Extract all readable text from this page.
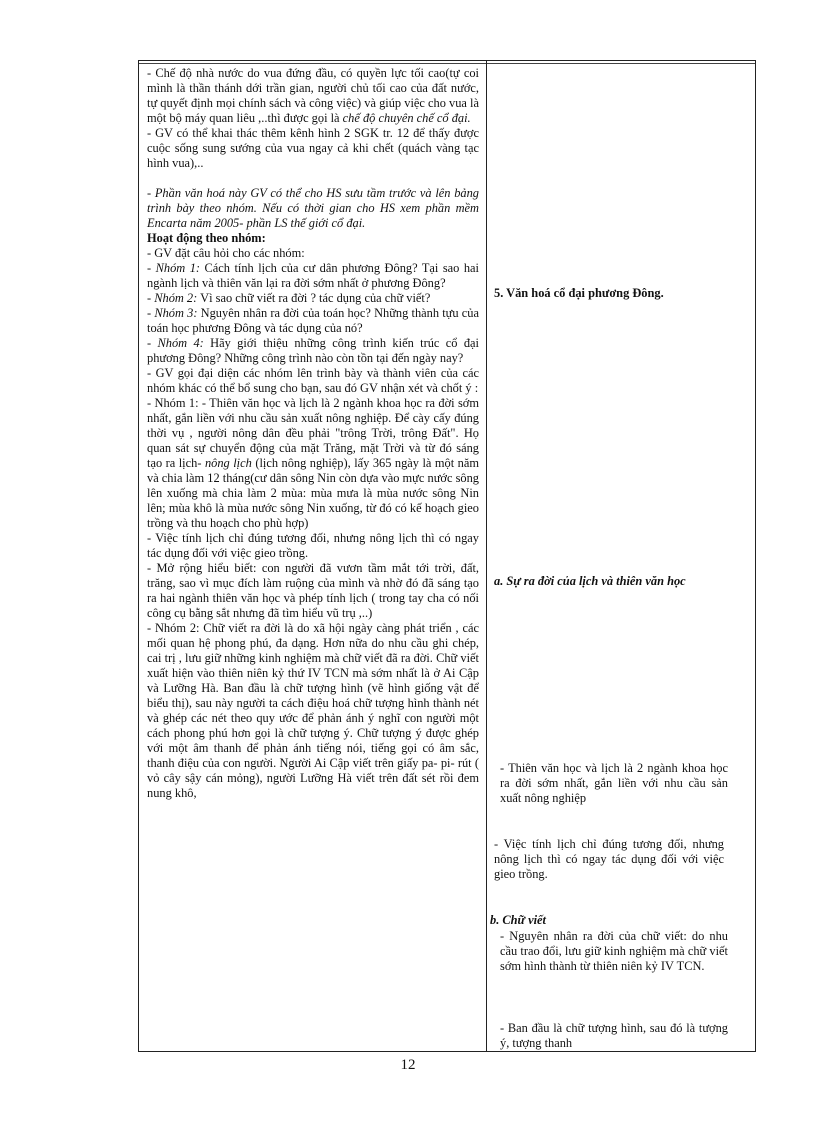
- Chế độ nhà nước do vua đứng đầu, có quyền lực tối cao(tự coi mình là thần thánh dới trần gian, người chủ tối cao của đất nước, tự quyết định mọi chính sách và công việc) và giúp việc cho vua là một bộ máy quan liêu ,..thì được gọi là chế độ chuyên chế cổ đại.

- GV có thể khai thác thêm kênh hình 2 SGK tr. 12 để thấy được cuộc sống sung sướng của vua ngay cả khi chết (quách vàng tạc hình vua),..

- Phần văn hoá này GV có thể cho HS sưu tầm trước và lên bảng trình bày theo nhóm. Nếu có thời gian cho HS xem phần mềm Encarta năm 2005- phần LS thế giới cổ đại.

Hoạt động theo nhóm:

- GV đặt câu hỏi cho các nhóm:

- Nhóm 1: Cách tính lịch của cư dân phương Đông? Tại sao hai ngành lịch và thiên văn lại ra đời sớm nhất ở phương Đông?

- Nhóm 2: Vì sao chữ viết ra đời ? tác dụng của chữ viết?

- Nhóm 3: Nguyên nhân ra đời của toán học? Những thành tựu của toán học phương Đông và tác dụng của nó?

- Nhóm 4: Hãy giới thiệu những công trình kiến trúc cổ đại phương Đông? Những công trình nào còn tồn tại đến ngày nay?

- GV gọi đại diện các nhóm lên trình bày và thành viên của các nhóm khác có thể bổ sung cho bạn, sau đó GV nhận xét và chốt ý :

- Nhóm 1: - Thiên văn học và lịch là 2 ngành khoa học ra đời sớm nhất, gắn liền với nhu cầu sản xuất nông nghiệp. Để cày cấy đúng thời vụ , người nông dân đều phải "trông Trời, trông Đất". Họ quan sát sự chuyển động của mặt Trăng, mặt Trời và từ đó sáng tạo ra lịch- nông lịch (lịch nông nghiệp), lấy 365 ngày là một năm và chia làm 12 tháng(cư dân sông Nin còn dựa vào mực nước sông lên xuống mà chia làm 2 mùa: mùa mưa là mùa nước sông Nin lên; mùa khô là mùa nước sông Nin xuống, từ đó có kế hoạch gieo trồng và thu hoạch cho phù hợp)

- Việc tính lịch chỉ đúng tương đối, nhưng nông lịch thì có ngay tác dụng đối với việc gieo trồng.

- Mở rộng hiểu biết: con người đã vươn tầm mắt tới trời, đất, trăng, sao vì mục đích làm ruộng của mình và nhờ đó đã sáng tạo ra hai ngành thiên văn học và phép tính lịch ( trong tay cha có nối công cụ bằng sắt nhưng đã tìm hiểu vũ trụ ,..)

- Nhóm 2: Chữ viết ra đời là do xã hội ngày càng phát triển , các mối quan hệ phong phú, đa dạng. Hơn nữa do nhu cầu ghi chép, cai trị , lưu giữ những kinh nghiệm mà chữ viết đã ra đời. Chữ viết xuất hiện vào thiên niên kỷ thứ IV TCN mà sớm nhất là ở Ai Cập và Lưỡng Hà. Ban đầu là chữ tượng hình (vẽ hình giống vật để biểu thị), sau này người ta cách điệu hoá chữ tượng hình thành nét và ghép các nét theo quy ước để phản ánh ý nghĩ con người một cách phong phú hơn gọi là chữ tượng ý. Chữ tượng ý được ghép với một âm thanh để phản ánh tiếng nói, tiếng gọi có âm sắc, thanh điệu của con người. Người Ai Cập viết trên giấy pa- pi- rút ( vỏ cây sậy cán mỏng), người Lưỡng Hà viết trên đất sét rồi đem nung khô,

5. Văn hoá cổ đại phương Đông.
a. Sự ra đời của lịch và thiên văn học

- Thiên văn học và lịch là 2 ngành khoa học ra đời sớm nhất, gắn liền với nhu cầu sản xuất nông nghiệp

- Việc tính lịch chỉ đúng tương đối, nhưng nông lịch thì có ngay tác dụng đối với việc gieo trồng.

b. Chữ viết

- Nguyên nhân ra đời của chữ viết: do nhu cầu trao đổi, lưu giữ kinh nghiệm mà chữ viết sớm hình thành từ thiên niên kỷ IV TCN.

- Ban đầu là chữ tượng hình, sau đó là tượng ý, tượng thanh

12
